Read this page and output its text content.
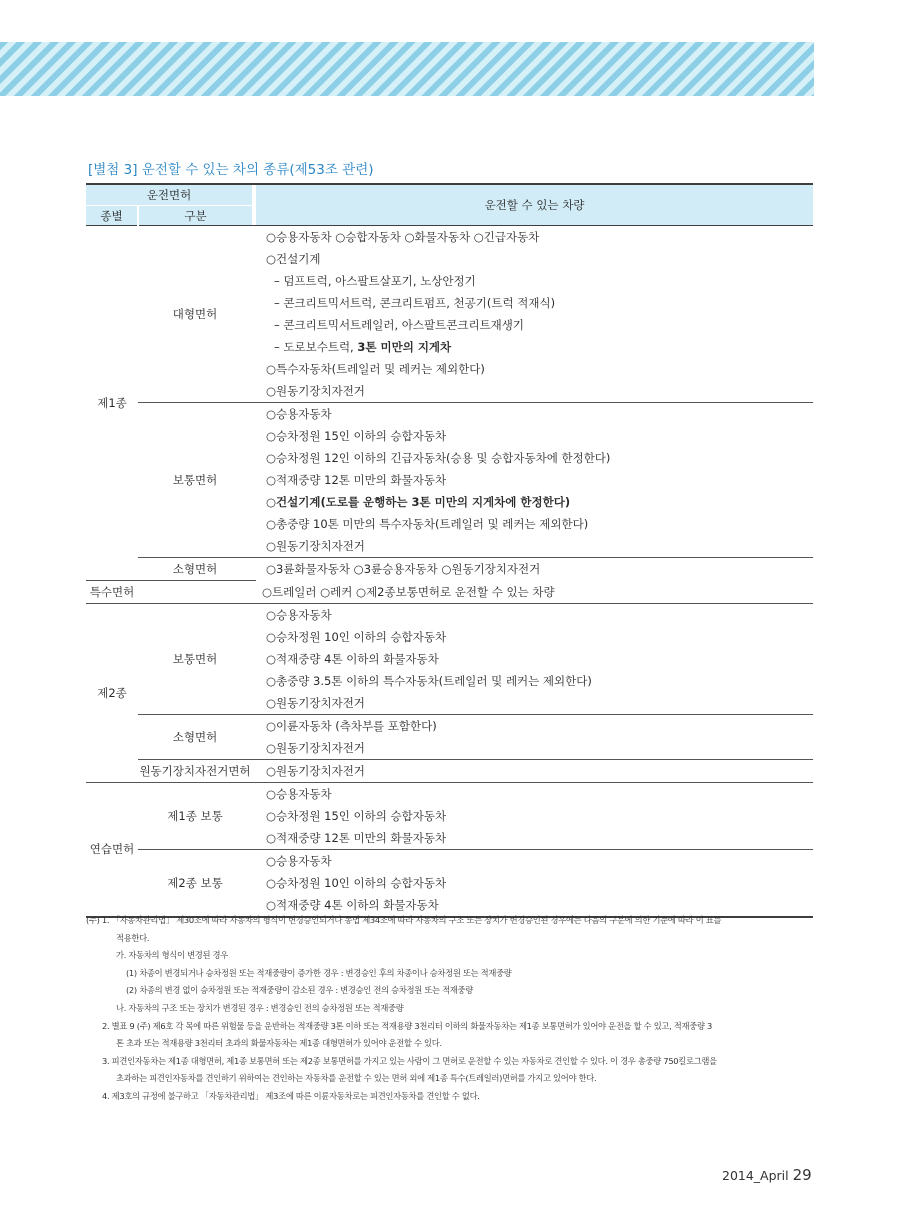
[별첨 3] 운전할 수 있는 차의 종류(제53조 관련)
운전면허			운전할 수 있는 차량
종별	구분		
제1종	대형면허		○승용자동차 ○승합자동차 ○화물자동차 ○긴급자동차
			○건설기계
			– 덤프트럭, 아스팔트살포기, 노상안정기
			– 콘크리트믹서트럭, 콘크리트펌프, 천공기(트럭 적재식)
			– 콘크리트믹서트레일러, 아스팔트콘크리트재생기
			– 도로보수트럭, 3톤 미만의 지게차
			○특수자동차(트레일러 및 레커는 제외한다)
			○원동기장치자전거
	보통면허		○승용자동차
			○승차정원 15인 이하의 승합자동차
			○승차정원 12인 이하의 긴급자동차(승용 및 승합자동차에 한정한다)
			○적재중량 12톤 미만의 화물자동차
			○건설기계(도로를 운행하는 3톤 미만의 지게차에 한정한다)
			○총중량 10톤 미만의 특수자동차(트레일러 및 레커는 제외한다)
			○원동기장치자전거
	소형면허		○3륜화물자동차 ○3륜승용자동차 ○원동기장치자전거
특수면허		○트레일러 ○레커 ○제2종보통면허로 운전할 수 있는 차량	
제2종	보통면허		○승용자동차
			○승차정원 10인 이하의 승합자동차
			○적재중량 4톤 이하의 화물자동차
			○총중량 3.5톤 이하의 특수자동차(트레일러 및 레커는 제외한다)
			○원동기장치자전거
	소형면허		○이륜자동차 (측차부를 포함한다)
			○원동기장치자전거
	원동기장치자전거면허		○원동기장치자전거
연습면허	제1종 보통		○승용자동차
			○승차정원 15인 이하의 승합자동차
			○적재중량 12톤 미만의 화물자동차
	제2종 보통		○승용자동차
			○승차정원 10인 이하의 승합자동차
			○적재중량 4톤 이하의 화물자동차
(주) 1. 「자동차관리법」 제30조에 따라 자동차의 형식이 변경승인되거나 동법 제34조에 따라 자동차의 구조 또는 장치가 변경승인된 경우에는 다음의 구분에 의한 기준에 따라 이 표를
적용한다.
가. 자동차의 형식이 변경된 경우
(1) 차종이 변경되거나 승차정원 또는 적재중량이 증가한 경우 : 변경승인 후의 차종이나 승차정원 또는 적재중량
(2) 차종의 변경 없이 승차정원 또는 적재중량이 감소된 경우 : 변경승인 전의 승차정원 또는 적재중량
나. 자동차의 구조 또는 장치가 변경된 경우 : 변경승인 전의 승차정원 또는 적재중량
2. 별표 9 (주) 제6호 각 목에 따른 위험물 등을 운반하는 적재중량 3톤 이하 또는 적재용량 3천리터 이하의 화물자동차는 제1종 보통면허가 있어야 운전을 할 수 있고, 적재중량 3
톤 초과 또는 적재용량 3천리터 초과의 화물자동차는 제1종 대형면허가 있어야 운전할 수 있다.
3. 피견인자동차는 제1종 대형면허, 제1종 보통면허 또는 제2종 보통면허를 가지고 있는 사람이 그 면허로 운전할 수 있는 자동차로 견인할 수 있다. 이 경우 총중량 750킬로그램을
초과하는 피견인자동차를 견인하기 위하여는 견인하는 자동차를 운전할 수 있는 면허 외에 제1종 특수(트레일러)면허를 가지고 있어야 한다.
4. 제3호의 규정에 불구하고 「자동차관리법」 제3조에 따른 이륜자동차로는 피견인자동차를 견인할 수 없다.
2014_April 29
